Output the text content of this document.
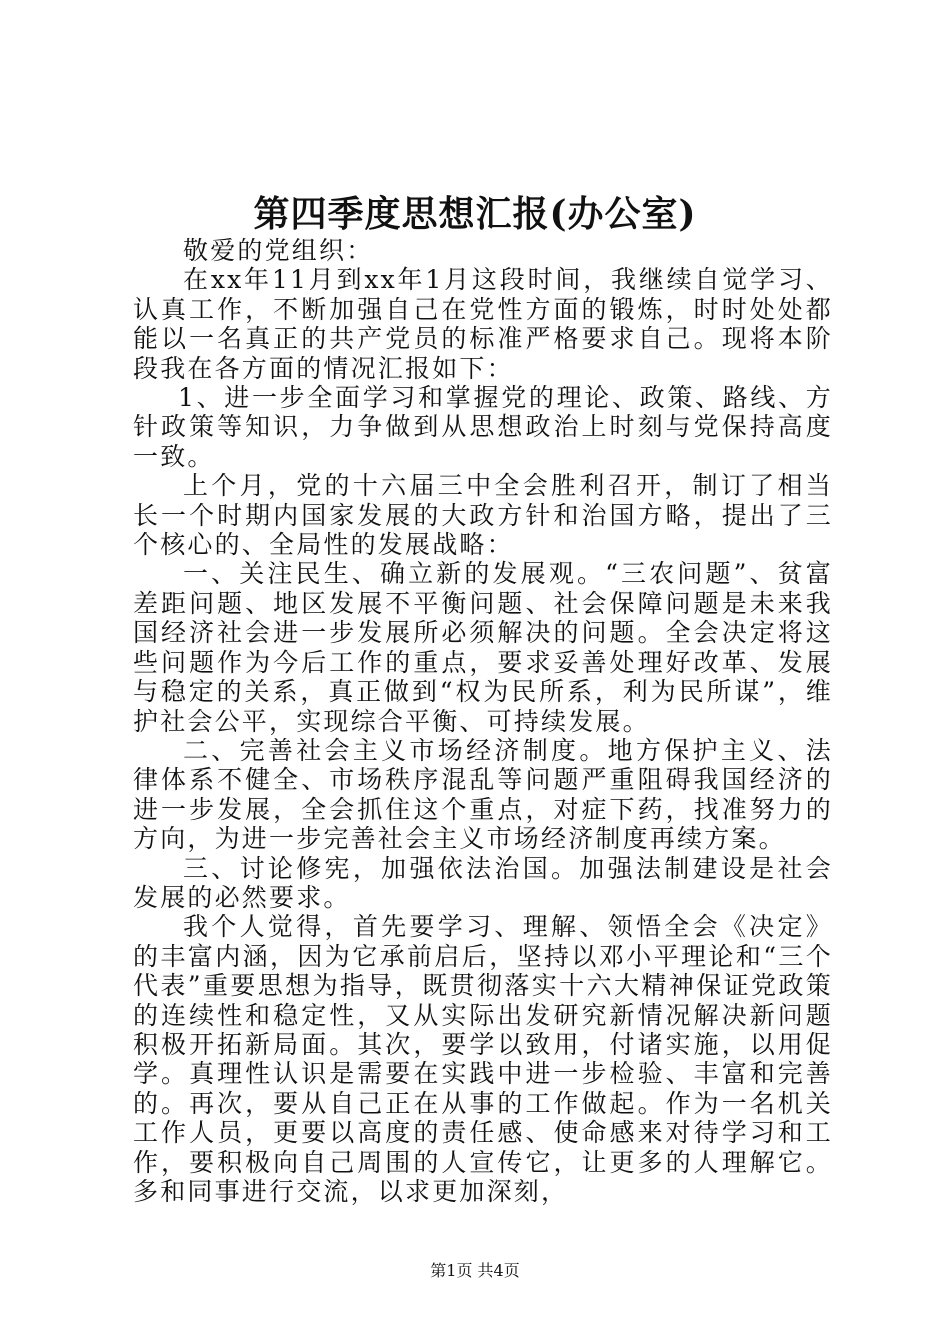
第四季度思想汇报(办公室)

敬爱的党组织：

在xx年11月到xx年1月这段时间，我继续自觉学习、认真工作，不断加强自己在党性方面的锻炼，时时处处都能以一名真正的共产党员的标准严格要求自己。现将本阶段我在各方面的情况汇报如下：

1、进一步全面学习和掌握党的理论、政策、路线、方针政策等知识，力争做到从思想政治上时刻与党保持高度一致。

上个月，党的十六届三中全会胜利召开，制订了相当长一个时期内国家发展的大政方针和治国方略，提出了三个核心的、全局性的发展战略：

一、关注民生、确立新的发展观。“三农问题”、贫富差距问题、地区发展不平衡问题、社会保障问题是未来我国经济社会进一步发展所必须解决的问题。全会决定将这些问题作为今后工作的重点，要求妥善处理好改革、发展与稳定的关系，真正做到“权为民所系，利为民所谋”，维护社会公平，实现综合平衡、可持续发展。

二、完善社会主义市场经济制度。地方保护主义、法律体系不健全、市场秩序混乱等问题严重阻碍我国经济的进一步发展，全会抓住这个重点，对症下药，找准努力的方向，为进一步完善社会主义市场经济制度再续方案。

三、讨论修宪，加强依法治国。加强法制建设是社会发展的必然要求。

我个人觉得，首先要学习、理解、领悟全会《决定》的丰富内涵，因为它承前启后，坚持以邓小平理论和“三个代表”重要思想为指导，既贯彻落实十六大精神保证党政策的连续性和稳定性，又从实际出发研究新情况解决新问题积极开拓新局面。其次，要学以致用，付诸实施，以用促学。真理性认识是需要在实践中进一步检验、丰富和完善的。再次，要从自己正在从事的工作做起。作为一名机关工作人员，更要以高度的责任感、使命感来对待学习和工作，要积极向自己周围的人宣传它，让更多的人理解它。多和同事进行交流，以求更加深刻，

第1页 共4页
